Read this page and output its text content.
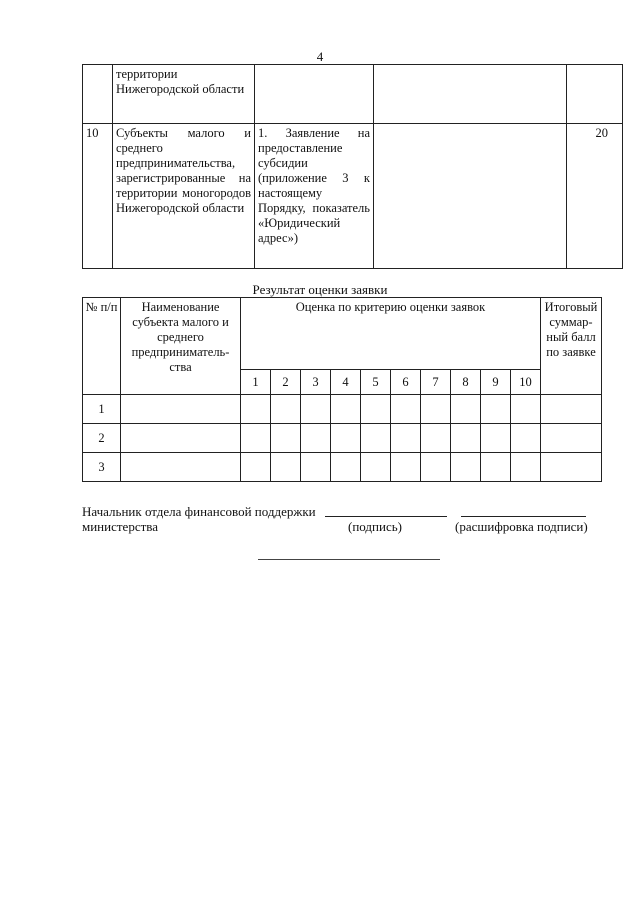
4
	территории Нижегородской области			
10	Субъекты малого и среднего предпринимательства, зарегистрированные на территории моногородов Нижегородской области	1. Заявление на предоставление субсидии (приложение 3 к настоящему Порядку, показатель «Юридический адрес»)		20
Результат оценки заявки
№ п/п	Наименование субъекта малого и среднего предприниматель-ства	Оценка по критерию оценки заявок										Итоговый суммар-ный балл по заявке
		1	2	3	4	5	6	7	8	9	10	
1												
2												
3												
Начальник отдела финансовой поддержки
министерства	(подпись)	(расшифровка подписи)
